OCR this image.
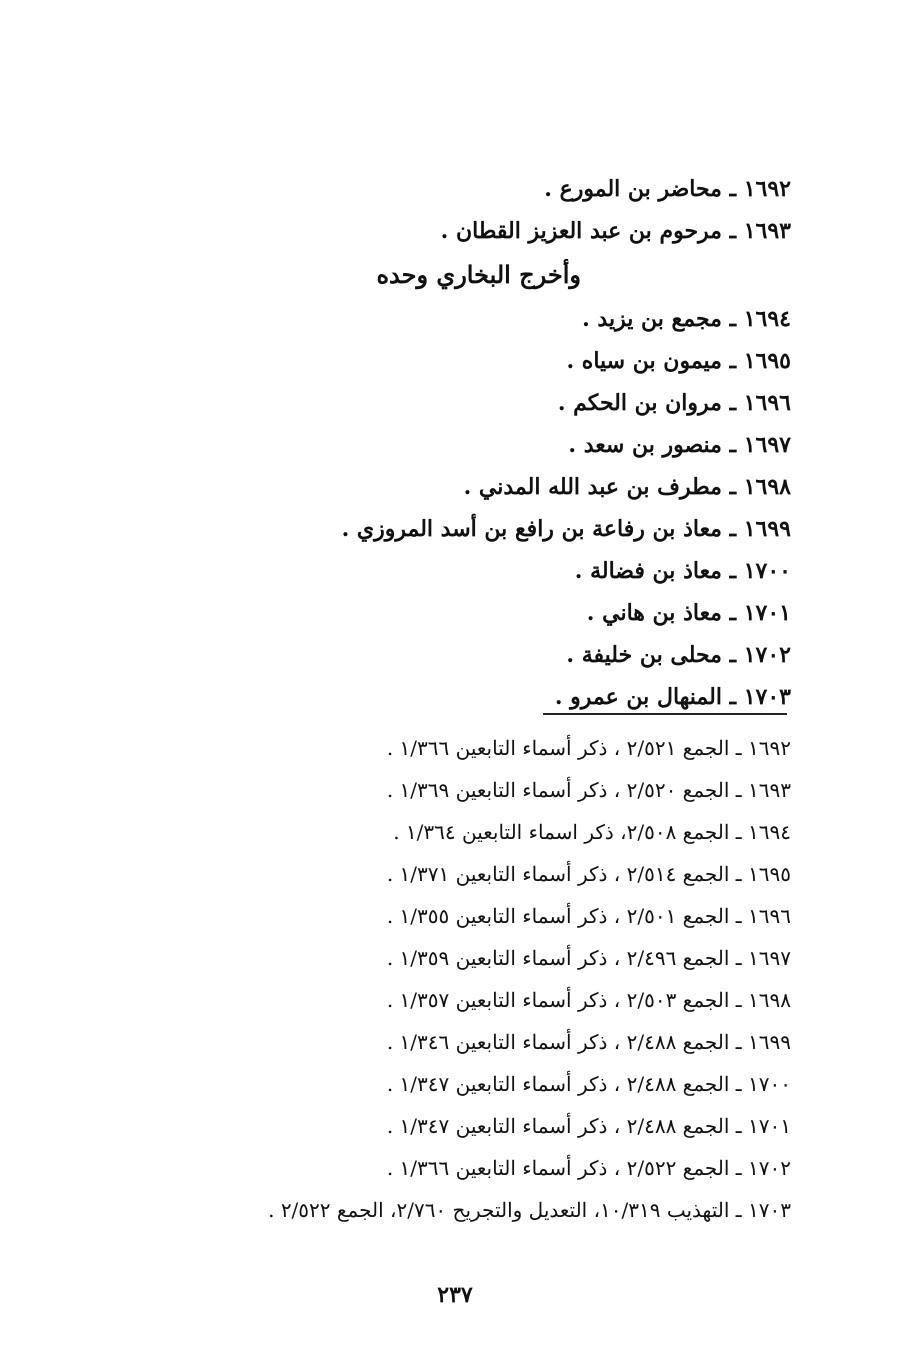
١٦٩٢ ـ محاضر بن المورع .
١٦٩٣ ـ مرحوم بن عبد العزيز القطان .
وأخرج البخاري وحده
١٦٩٤ ـ مجمع بن يزيد .
١٦٩٥ ـ ميمون بن سياه .
١٦٩٦ ـ مروان بن الحكم .
١٦٩٧ ـ منصور بن سعد .
١٦٩٨ ـ مطرف بن عبد الله المدني .
١٦٩٩ ـ معاذ بن رفاعة بن رافع بن أسد المروزي .
١٧٠٠ ـ معاذ بن فضالة .
١٧٠١ ـ معاذ بن هاني .
١٧٠٢ ـ محلى بن خليفة .
١٧٠٣ ـ المنهال بن عمرو .
١٦٩٢ ـ الجمع ٢/٥٢١ ، ذكر أسماء التابعين ١/٣٦٦ .
١٦٩٣ ـ الجمع ٢/٥٢٠ ، ذكر أسماء التابعين ١/٣٦٩ .
١٦٩٤ ـ الجمع ٢/٥٠٨، ذكر اسماء التابعين ١/٣٦٤ .
١٦٩٥ ـ الجمع ٢/٥١٤ ، ذكر أسماء التابعين ١/٣٧١ .
١٦٩٦ ـ الجمع ٢/٥٠١ ، ذكر أسماء التابعين ١/٣٥٥ .
١٦٩٧ ـ الجمع ٢/٤٩٦ ، ذكر أسماء التابعين ١/٣٥٩ .
١٦٩٨ ـ الجمع ٢/٥٠٣ ، ذكر أسماء التابعين ١/٣٥٧ .
١٦٩٩ ـ الجمع ٢/٤٨٨ ، ذكر أسماء التابعين ١/٣٤٦ .
١٧٠٠ ـ الجمع ٢/٤٨٨ ، ذكر أسماء التابعين ١/٣٤٧ .
١٧٠١ ـ الجمع ٢/٤٨٨ ، ذكر أسماء التابعين ١/٣٤٧ .
١٧٠٢ ـ الجمع ٢/٥٢٢ ، ذكر أسماء التابعين ١/٣٦٦ .
١٧٠٣ ـ التهذيب ١٠/٣١٩، التعديل والتجريح ٢/٧٦٠، الجمع ٢/٥٢٢ .
٢٣٧
